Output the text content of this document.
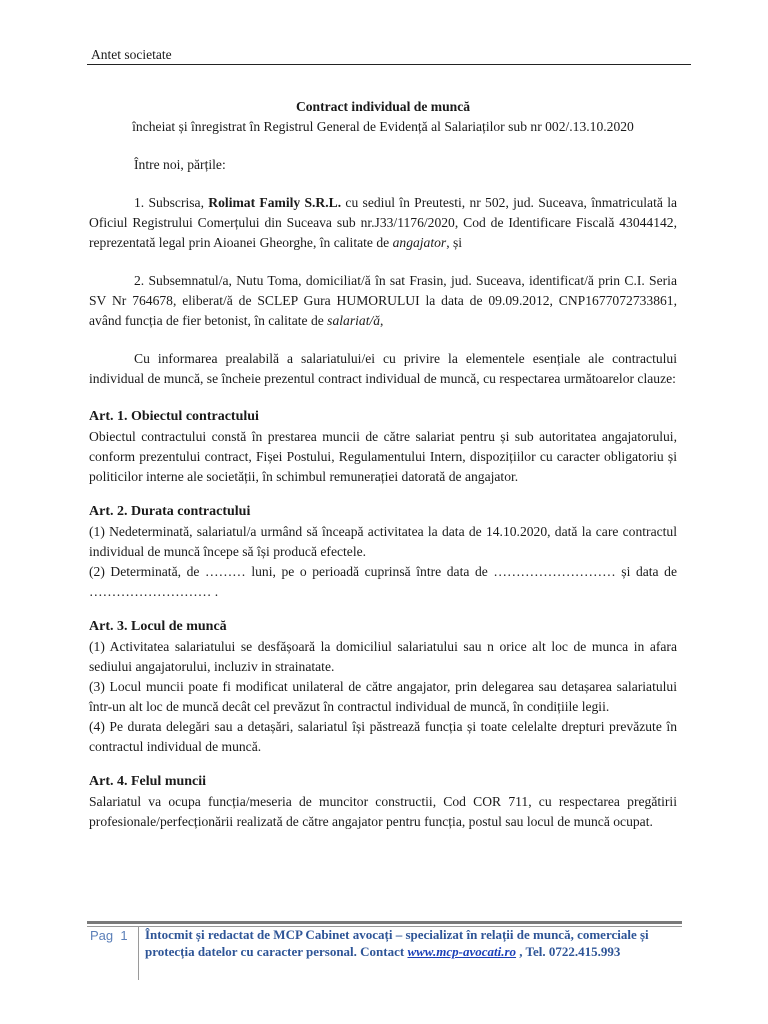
Antet societate

Contract individual de muncă

încheiat și înregistrat în Registrul General de Evidență al Salariaților sub nr 002/.13.10.2020

Între noi, părțile:

1. Subscrisa, Rolimat Family S.R.L. cu sediul în Preutesti, nr 502, jud. Suceava, înmatriculată la Oficiul Registrului Comerțului din Suceava sub nr.J33/1176/2020, Cod de Identificare Fiscală 43044142, reprezentată legal prin Aioanei Gheorghe, în calitate de angajator, și

2. Subsemnatul/a, Nutu Toma, domiciliat/ă în sat Frasin, jud. Suceava, identificat/ă prin C.I. Seria SV Nr 764678, eliberat/ă de SCLEP Gura HUMORULUI la data de 09.09.2012, CNP1677072733861, având funcția de fier betonist, în calitate de salariat/ă,

Cu informarea prealabilă a salariatului/ei cu privire la elementele esențiale ale contractului individual de muncă, se încheie prezentul contract individual de muncă, cu respectarea următoarelor clauze:

Art. 1. Obiectul contractului

Obiectul contractului constă în prestarea muncii de către salariat pentru și sub autoritatea angajatorului, conform prezentului contract, Fișei Postului, Regulamentului Intern, dispozițiilor cu caracter obligatoriu și politicilor interne ale societății, în schimbul remunerației datorată de angajator.

Art. 2. Durata contractului

(1) Nedeterminată, salariatul/a urmând să înceapă activitatea la data de 14.10.2020, dată la care contractul individual de muncă începe să își producă efectele.

(2) Determinată, de ……… luni, pe o perioadă cuprinsă între data de ……………………… și data de ……………………… .

Art. 3. Locul de muncă

(1) Activitatea salariatului se desfășoară la domiciliul salariatului sau n orice alt loc de munca in afara sediului angajatorului, incluziv in strainatate.

(3) Locul muncii poate fi modificat unilateral de către angajator, prin delegarea sau detașarea salariatului într-un alt loc de muncă decât cel prevăzut în contractul individual de muncă, în condițiile legii.

(4) Pe durata delegări sau a detașări, salariatul își păstrează funcția și toate celelalte drepturi prevăzute în contractul individual de muncă.

Art. 4. Felul muncii

Salariatul va ocupa funcția/meseria de muncitor constructii, Cod COR 711, cu respectarea pregătirii profesionale/perfecționării realizată de către angajator pentru funcția, postul sau locul de muncă ocupat.

Pag 1 Întocmit și redactat de MCP Cabinet avocați – specializat în relații de muncă, comerciale și protecția datelor cu caracter personal. Contact www.mcp-avocati.ro , Tel. 0722.415.993
